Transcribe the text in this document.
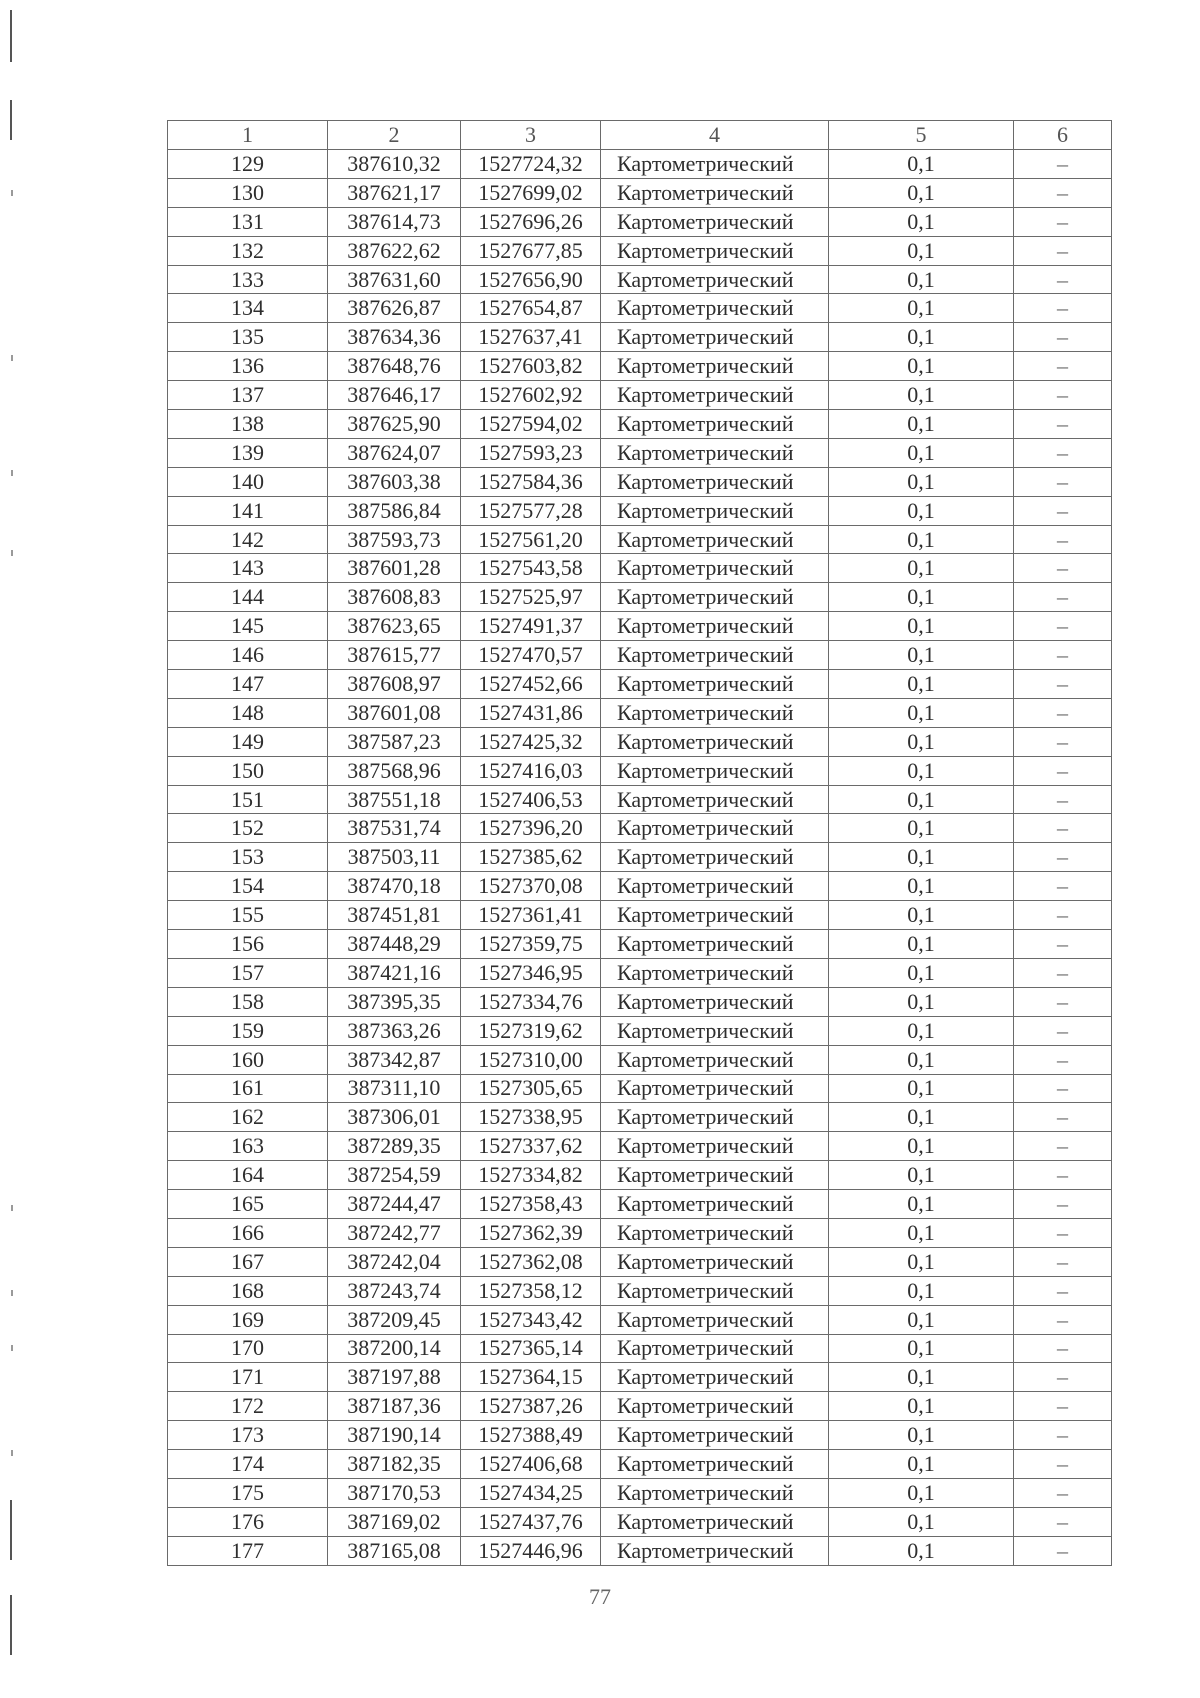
1	2	3	4	5	6
129	387610,32	1527724,32	Картометрический	0,1	–
130	387621,17	1527699,02	Картометрический	0,1	–
131	387614,73	1527696,26	Картометрический	0,1	–
132	387622,62	1527677,85	Картометрический	0,1	–
133	387631,60	1527656,90	Картометрический	0,1	–
134	387626,87	1527654,87	Картометрический	0,1	–
135	387634,36	1527637,41	Картометрический	0,1	–
136	387648,76	1527603,82	Картометрический	0,1	–
137	387646,17	1527602,92	Картометрический	0,1	–
138	387625,90	1527594,02	Картометрический	0,1	–
139	387624,07	1527593,23	Картометрический	0,1	–
140	387603,38	1527584,36	Картометрический	0,1	–
141	387586,84	1527577,28	Картометрический	0,1	–
142	387593,73	1527561,20	Картометрический	0,1	–
143	387601,28	1527543,58	Картометрический	0,1	–
144	387608,83	1527525,97	Картометрический	0,1	–
145	387623,65	1527491,37	Картометрический	0,1	–
146	387615,77	1527470,57	Картометрический	0,1	–
147	387608,97	1527452,66	Картометрический	0,1	–
148	387601,08	1527431,86	Картометрический	0,1	–
149	387587,23	1527425,32	Картометрический	0,1	–
150	387568,96	1527416,03	Картометрический	0,1	–
151	387551,18	1527406,53	Картометрический	0,1	–
152	387531,74	1527396,20	Картометрический	0,1	–
153	387503,11	1527385,62	Картометрический	0,1	–
154	387470,18	1527370,08	Картометрический	0,1	–
155	387451,81	1527361,41	Картометрический	0,1	–
156	387448,29	1527359,75	Картометрический	0,1	–
157	387421,16	1527346,95	Картометрический	0,1	–
158	387395,35	1527334,76	Картометрический	0,1	–
159	387363,26	1527319,62	Картометрический	0,1	–
160	387342,87	1527310,00	Картометрический	0,1	–
161	387311,10	1527305,65	Картометрический	0,1	–
162	387306,01	1527338,95	Картометрический	0,1	–
163	387289,35	1527337,62	Картометрический	0,1	–
164	387254,59	1527334,82	Картометрический	0,1	–
165	387244,47	1527358,43	Картометрический	0,1	–
166	387242,77	1527362,39	Картометрический	0,1	–
167	387242,04	1527362,08	Картометрический	0,1	–
168	387243,74	1527358,12	Картометрический	0,1	–
169	387209,45	1527343,42	Картометрический	0,1	–
170	387200,14	1527365,14	Картометрический	0,1	–
171	387197,88	1527364,15	Картометрический	0,1	–
172	387187,36	1527387,26	Картометрический	0,1	–
173	387190,14	1527388,49	Картометрический	0,1	–
174	387182,35	1527406,68	Картометрический	0,1	–
175	387170,53	1527434,25	Картометрический	0,1	–
176	387169,02	1527437,76	Картометрический	0,1	–
177	387165,08	1527446,96	Картометрический	0,1	–
77
